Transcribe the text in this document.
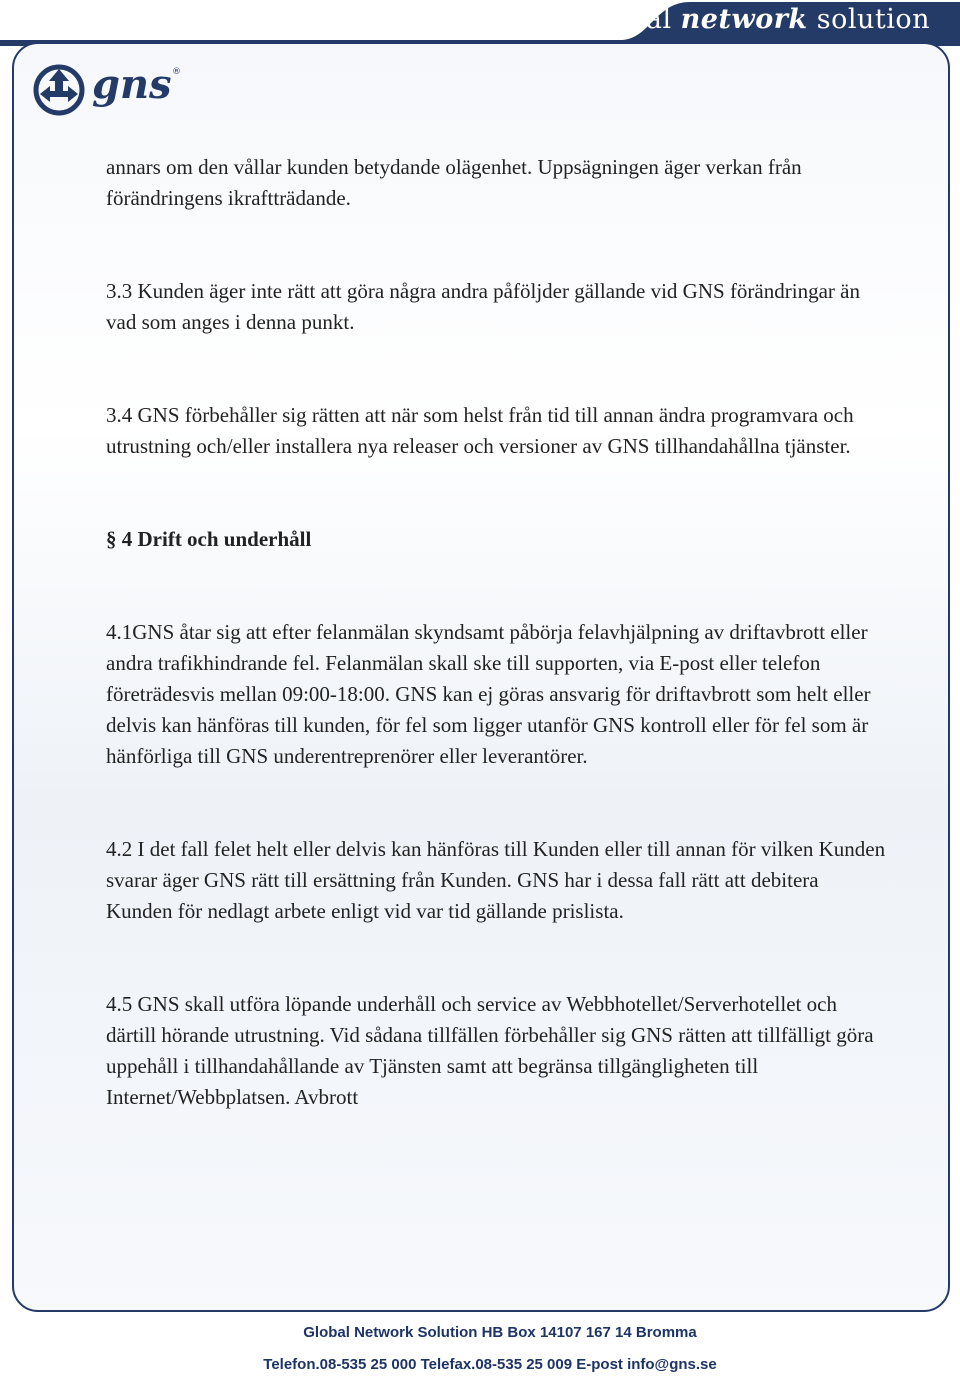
global network solution
gns ®

annars om den vållar kunden betydande olägenhet. Uppsägningen äger verkan från förändringens ikraftträdande.

3.3 Kunden äger inte rätt att göra några andra påföljder gällande vid GNS förändringar än vad som anges i denna punkt.

3.4 GNS förbehåller sig rätten att när som helst från tid till annan ändra programvara och utrustning och/eller installera nya releaser och versioner av GNS tillhandahållna tjänster.

§ 4 Drift och underhåll

4.1GNS åtar sig att efter felanmälan skyndsamt påbörja felavhjälpning av driftavbrott eller andra trafikhindrande fel. Felanmälan skall ske till supporten, via E-post eller telefon företrädesvis mellan 09:00-18:00. GNS kan ej göras ansvarig för driftavbrott som helt eller delvis kan hänföras till kunden, för fel som ligger utanför GNS kontroll eller för fel som är hänförliga till GNS underentreprenörer eller leverantörer.

4.2 I det fall felet helt eller delvis kan hänföras till Kunden eller till annan för vilken Kunden svarar äger GNS rätt till ersättning från Kunden. GNS har i dessa fall rätt att debitera Kunden för nedlagt arbete enligt vid var tid gällande prislista.

4.5 GNS skall utföra löpande underhåll och service av Webbhotellet/Serverhotellet och därtill hörande utrustning. Vid sådana tillfällen förbehåller sig GNS rätten att tillfälligt göra uppehåll i tillhandahållande av Tjänsten samt att begränsa tillgängligheten till Internet/Webbplatsen. Avbrott

Global Network Solution HB Box 14107 167 14 Bromma
Telefon.08-535 25 000 Telefax.08-535 25 009 E-post info@gns.se
